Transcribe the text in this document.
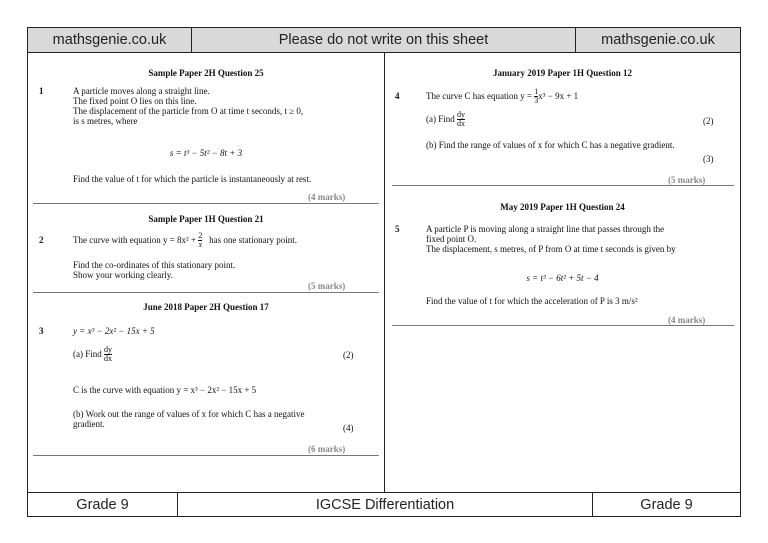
mathsgenie.co.uk	Please do not write on this sheet	mathsgenie.co.uk
Sample Paper 2H Question 25
1	A particle moves along a straight line.
The fixed point O lies on this line.
The displacement of the particle from O at time t seconds, t ≥ 0,
is s metres, where
s = t³ − 5t² − 8t + 3
Find the value of t for which the particle is instantaneously at rest.
(4 marks)
Sample Paper 1H Question 21
2	The curve with equation $y = 8x^2 + \frac{2}{x}$ has one stationary point.
Find the co-ordinates of this stationary point.
Show your working clearly.
(5 marks)
June 2018 Paper 2H Question 17
3	y = x³ − 2x² − 15x + 5
(a) Find $\frac{dy}{dx}$	(2)
C is the curve with equation y = x³ − 2x² − 15x + 5
(b) Work out the range of values of x for which C has a negative
gradient.	(4)
(6 marks)
January 2019 Paper 1H Question 12
4	The curve C has equation $y = \frac{1}{3} x^3 - 9x + 1$
(a) Find $\frac{dy}{dx}$	(2)
(b) Find the range of values of x for which C has a negative gradient.
(3)
(5 marks)
May 2019 Paper 1H Question 24
5	A particle P is moving along a straight line that passes through the
fixed point O.
The displacement, s metres, of P from O at time t seconds is given by
s = t³ − 6t² + 5t − 4
Find the value of t for which the acceleration of P is 3 m/s²
(4 marks)
Grade 9	IGCSE Differentiation	Grade 9
